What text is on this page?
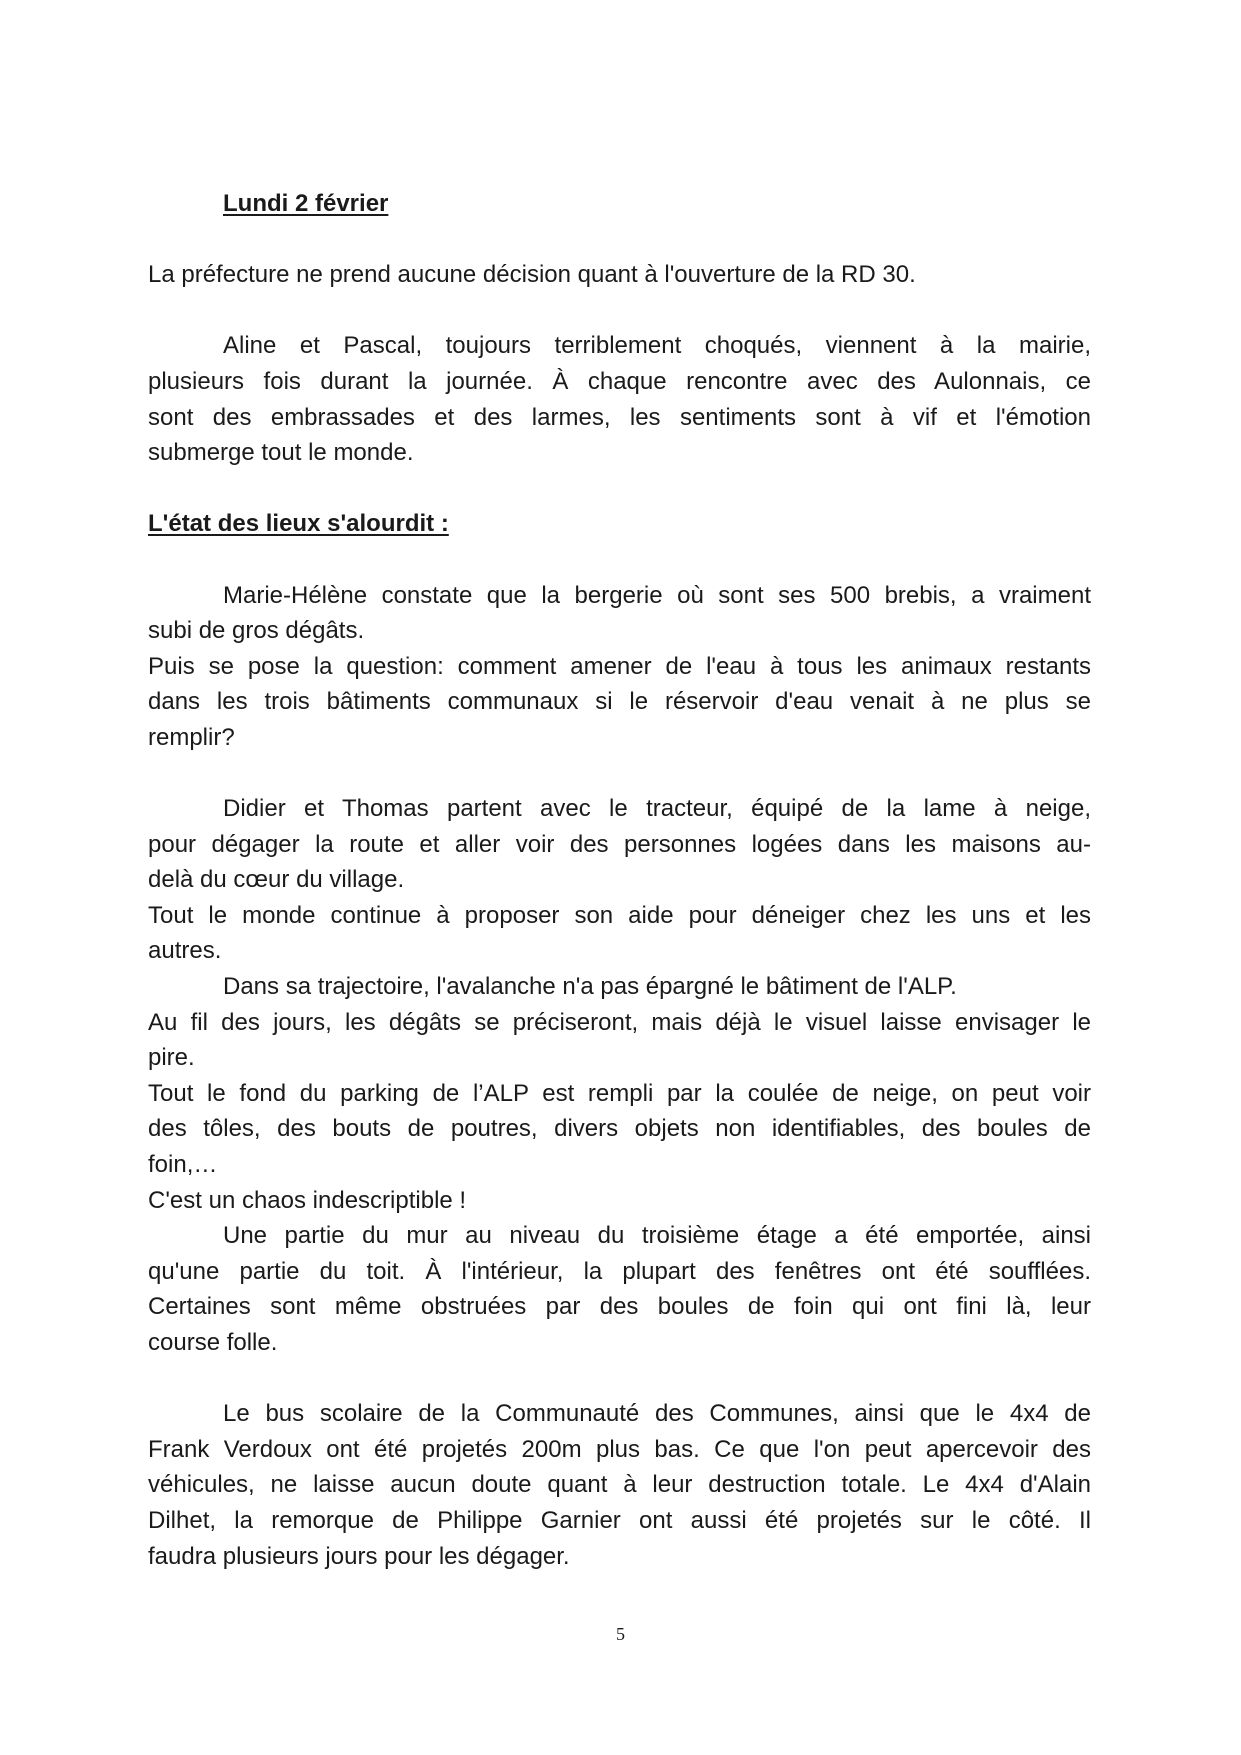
Lundi 2 février
La préfecture ne prend aucune décision quant à l'ouverture de la RD 30.
Aline et Pascal, toujours terriblement choqués, viennent à la mairie,
plusieurs fois durant la journée. À chaque rencontre avec des Aulonnais, ce
sont des embrassades et des larmes, les sentiments sont à vif et l'émotion
submerge tout le monde.
L'état des lieux s'alourdit :
Marie-Hélène constate que la bergerie où sont ses 500 brebis, a vraiment
subi de gros dégâts.
Puis se pose la question: comment amener de l'eau à tous les animaux restants
dans les trois bâtiments communaux si le réservoir d'eau venait à ne plus se
remplir?
Didier et Thomas partent avec le tracteur, équipé de la lame à neige,
pour dégager la route et aller voir des personnes logées dans les maisons au-
delà du cœur du village.
Tout le monde continue à proposer son aide pour déneiger chez les uns et les
autres.
Dans sa trajectoire, l'avalanche n'a pas épargné le bâtiment de l'ALP.
Au fil des jours, les dégâts se préciseront, mais déjà le visuel laisse envisager le
pire.
Tout le fond du parking de l’ALP est rempli par la coulée de neige, on peut voir
des tôles, des bouts de poutres, divers objets non identifiables, des boules de
foin,…
C'est un chaos indescriptible !
Une partie du mur au niveau du troisième étage a été emportée, ainsi
qu'une partie du toit. À l'intérieur, la plupart des fenêtres ont été soufflées.
Certaines sont même obstruées par des boules de foin qui ont fini là, leur
course folle.
Le bus scolaire de la Communauté des Communes, ainsi que le 4x4 de
Frank Verdoux ont été projetés 200m plus bas. Ce que l'on peut apercevoir des
véhicules, ne laisse aucun doute quant à leur destruction totale. Le 4x4 d'Alain
Dilhet, la remorque de Philippe Garnier ont aussi été projetés sur le côté. Il
faudra plusieurs jours pour les dégager.
5
